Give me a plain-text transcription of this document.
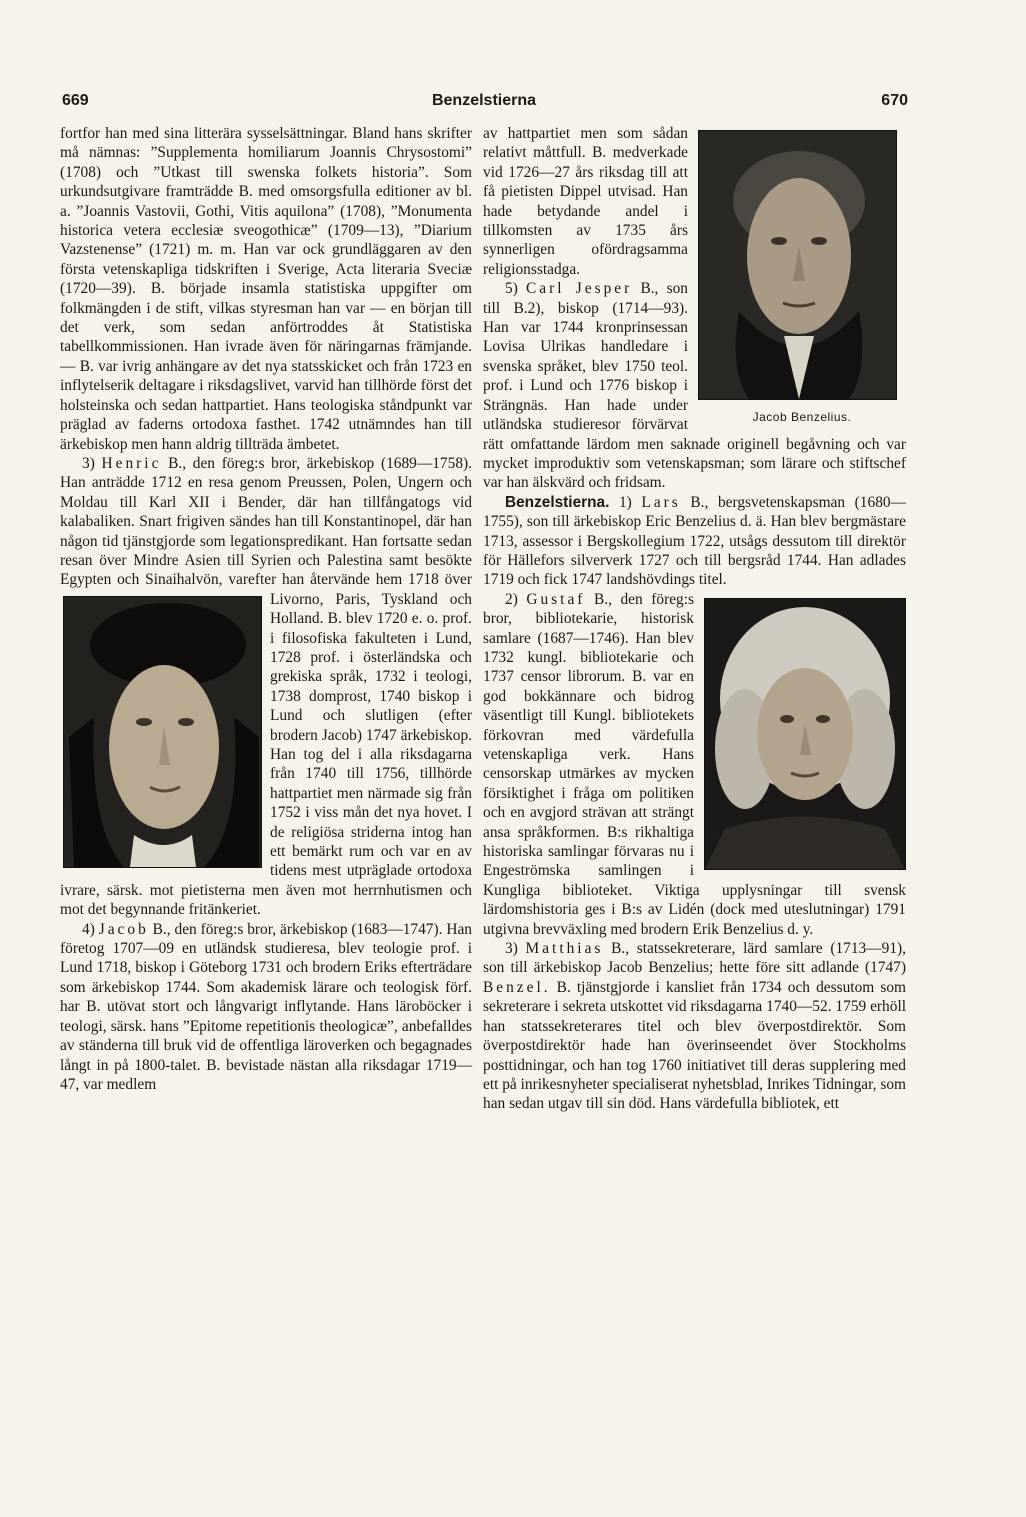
669	Benzelstierna	670

fortfor han med sina litterära sysselsättningar. Bland hans skrifter må nämnas: ”Supplementa homiliarum Joannis Chrysostomi” (1708) och ”Utkast till swenska folkets historia”. Som urkundsutgivare framträdde B. med omsorgsfulla editioner av bl. a. ”Joannis Vastovii, Gothi, Vitis aquilona” (1708), ”Monumenta historica vetera ecclesiæ sveogothicæ” (1709—13), ”Diarium Vazstenense” (1721) m. m. Han var ock grundläggaren av den första vetenskapliga tidskriften i Sverige, Acta literaria Sveciæ (1720—39). B. började insamla statistiska uppgifter om folkmängden i de stift, vilkas styresman han var — en början till det verk, som sedan anförtroddes åt Statistiska tabellkommissionen. Han ivrade även för näringarnas främjande. — B. var ivrig anhängare av det nya statsskicket och från 1723 en inflytelserik deltagare i riksdagslivet, varvid han tillhörde först det holsteinska och sedan hattpartiet. Hans teologiska ståndpunkt var präglad av faderns ortodoxa fasthet. 1742 utnämndes han till ärkebiskop men hann aldrig tillträda ämbetet.

3) Henric B., den föreg:s bror, ärkebiskop (1689—1758). Han anträdde 1712 en resa genom Preussen, Polen, Ungern och Moldau till Karl XII i Bender, där han tillfångatogs vid kalabaliken. Snart frigiven sändes han till Konstantinopel, där han någon tid tjänstgjorde som legationspredikant. Han fortsatte sedan resan över Mindre Asien till Syrien och Palestina samt besökte Egypten och Sinaihalvön, varefter han återvände
hem 1718 över Livorno, Paris, Tyskland och Holland. B. blev 1720 e. o. prof. i filosofiska fakulteten i Lund, 1728 prof. i österländska och grekiska språk, 1732 i teologi, 1738 domprost, 1740 biskop i Lund och slutligen (efter brodern Jacob) 1747 ärkebiskop. Han tog del i alla riksdagarna från 1740 till 1756, tillhörde hattpartiet men närmade sig från 1752 i viss mån det nya hovet. I de religiösa striderna intog han ett bemärkt rum och var en av tidens mest utpräglade ortodoxa ivrare, särsk. mot pietisterna men även mot herrnhutismen och mot det begynnande fritänkeriet.

4) Jacob B., den föreg:s bror, ärkebiskop (1683—1747). Han företog 1707—09 en utländsk studieresa, blev teologie prof. i Lund 1718, biskop i Göteborg 1731 och brodern Eriks efterträdare som ärkebiskop 1744. Som akademisk lärare och teologisk förf. har B. utövat stort och långvarigt inflytande. Hans läroböcker i teologi, särsk. hans ”Epitome repetitionis theologicæ”, anbefalldes av ständerna till bruk vid de offentliga läroverken och begagnades långt in på 1800-talet. B. bevistade nästan alla riksdagar 1719—47, var medlem

Jacob Benzelius.

av hattpartiet men som sådan relativt måttfull. B. medverkade vid 1726—27 års riksdag till att få pietisten Dippel utvisad. Han hade betydande andel i tillkomsten av 1735 års synnerligen ofördragsamma religionsstadga.

5) Carl Jesper B., son till B.2), biskop (1714—93). Han var 1744 kronprinsessan Lovisa Ulrikas handledare i svenska språket, blev 1750 teol. prof. i Lund och 1776 biskop i Strängnäs. Han hade under utländska studieresor förvärvat rätt omfattande lärdom men saknade originell begåvning och var mycket improduktiv som vetenskapsman; som lärare och stiftschef var han älskvärd och fridsam.

Benzelstierna. 1) Lars B., bergsvetenskapsman (1680—1755), son till ärkebiskop Eric Benzelius d. ä. Han blev bergmästare 1713, assessor i Bergskollegium 1722, utsågs dessutom till direktör för Hällefors silververk 1727 och till bergsråd 1744. Han adlades 1719 och fick 1747 landshövdings titel.

2) Gustaf B., den föreg:s bror, bibliotekarie, historisk samlare (1687—1746). Han blev 1732 kungl. bibliotekarie och 1737 censor librorum. B. var en god bokkännare och bidrog väsentligt till Kungl. bibliotekets förkovran med värdefulla vetenskapliga verk. Hans censorskap utmärkes av mycken försiktighet i fråga om politiken och en avgjord strävan att strängt ansa språkformen. B:s rikhaltiga historiska samlingar förvaras nu i Engeströmska samlingen i Kungliga biblioteket. Viktiga upplysningar till svensk lärdomshistoria ges i B:s av Lidén (dock med uteslutningar) 1791 utgivna brevväxling med brodern Erik Benzelius d. y.

3) Matthias B., statssekreterare, lärd samlare (1713—91), son till ärkebiskop Jacob Benzelius; hette före sitt adlande (1747) Benzel. B. tjänstgjorde i kansliet från 1734 och dessutom som sekreterare i sekreta utskottet vid riksdagarna 1740—52. 1759 erhöll han statssekreterares titel och blev överpostdirektör. Som överpostdirektör hade han överinseendet över Stockholms posttidningar, och han tog 1760 initiativet till deras supplering med ett på inrikesnyheter specialiserat nyhetsblad, Inrikes Tidningar, som han sedan utgav till sin död. Hans värdefulla bibliotek, ett
